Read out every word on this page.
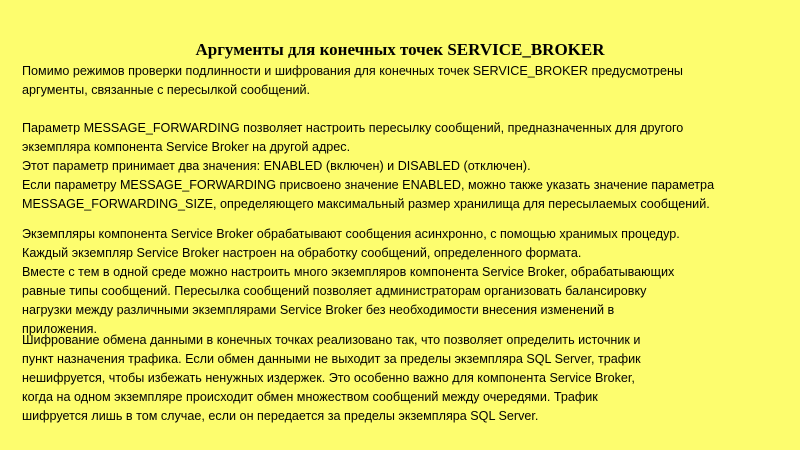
Аргументы для конечных точек SERVICE_BROKER
Помимо режимов проверки подлинности и шифрования для конечных точек SERVICE_BROKER предусмотрены
аргументы, связанные с пересылкой сообщений.
Параметр MESSAGE_FORWARDING позволяет настроить пересылку сообщений, предназначенных для другого
экземпляра компонента Service Broker на другой адрес.
Этот параметр принимает два значения: ENABLED (включен) и DISABLED (отключен).
Если параметру MESSAGE_FORWARDING присвоено значение ENABLED, можно также указать значение параметра
MESSAGE_FORWARDING_SIZE, определяющего максимальный размер хранилища для пересылаемых сообщений.
Экземпляры компонента Service Broker обрабатывают сообщения асинхронно, с помощью хранимых процедур.
Каждый экземпляр Service Broker настроен на обработку сообщений, определенного формата.
Вместе с тем в одной среде можно настроить много экземпляров компонента Service Broker, обрабатывающих
равные типы сообщений. Пересылка сообщений позволяет администраторам организовать балансировку
нагрузки между различными экземплярами Service Broker без необходимости внесения изменений в
приложения.
Шифрование обмена данными в конечных точках реализовано так, что позволяет определить источник и
пункт назначения трафика. Если обмен данными не выходит за пределы экземпляра SQL Server, трафик
нешифруется, чтобы избежать ненужных издержек. Это особенно важно для компонента Service Broker,
когда на одном экземпляре происходит обмен множеством сообщений между очередями. Трафик
шифруется лишь в том случае, если он передается за пределы экземпляра SQL Server.
